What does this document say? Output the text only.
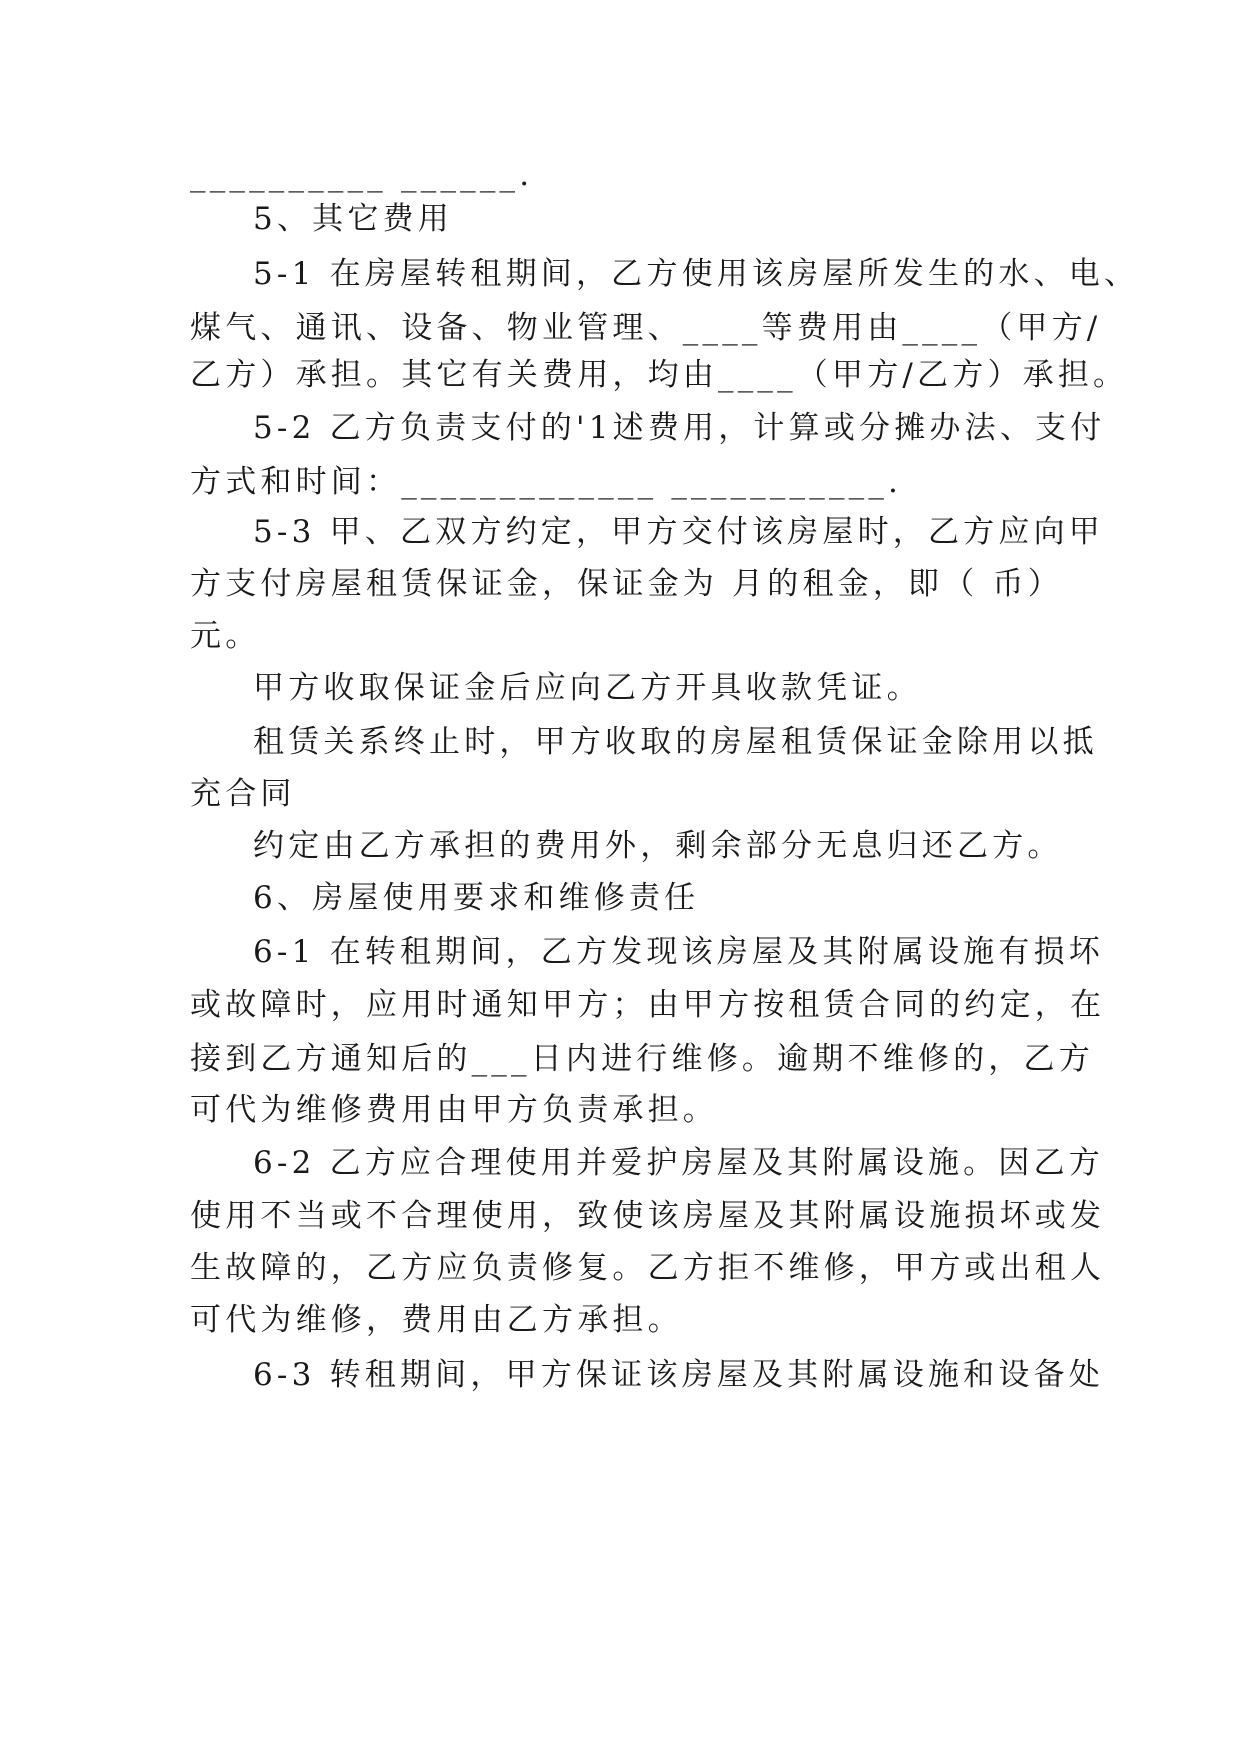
__________ ______.
5、其它费用
5-1 在房屋转租期间，乙方使用该房屋所发生的水、电、
煤气、通讯、设备、物业管理、____等费用由____（甲方/
乙方）承担。其它有关费用，均由____（甲方/乙方）承担。
5-2 乙方负责支付的'1述费用，计算或分摊办法、支付
方式和时间：_____________ ___________.
5-3 甲、乙双方约定，甲方交付该房屋时，乙方应向甲
方支付房屋租赁保证金，保证金为 月的租金，即（ 币）
元。
甲方收取保证金后应向乙方开具收款凭证。
租赁关系终止时，甲方收取的房屋租赁保证金除用以抵
充合同
约定由乙方承担的费用外，剩余部分无息归还乙方。
6、房屋使用要求和维修责任
6-1 在转租期间，乙方发现该房屋及其附属设施有损坏
或故障时，应用时通知甲方；由甲方按租赁合同的约定，在
接到乙方通知后的___日内进行维修。逾期不维修的，乙方
可代为维修费用由甲方负责承担。
6-2 乙方应合理使用并爱护房屋及其附属设施。因乙方
使用不当或不合理使用，致使该房屋及其附属设施损坏或发
生故障的，乙方应负责修复。乙方拒不维修，甲方或出租人
可代为维修，费用由乙方承担。
6-3 转租期间，甲方保证该房屋及其附属设施和设备处
